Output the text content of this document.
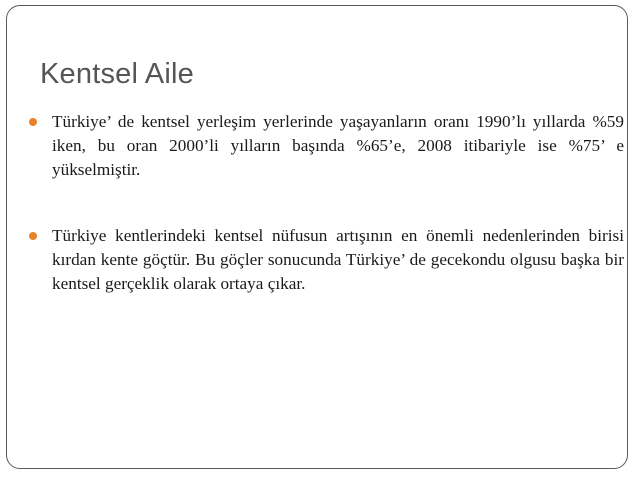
Kentsel Aile

Türkiye’ de kentsel yerleşim yerlerinde yaşayanların oranı 1990’lı yıllarda %59 iken, bu oran 2000’li yılların başında %65’e, 2008 itibariyle ise %75’ e yükselmiştir.

Türkiye kentlerindeki kentsel nüfusun artışının en önemli nedenlerinden birisi kırdan kente göçtür. Bu göçler sonucunda Türkiye’ de gecekondu olgusu başka bir kentsel gerçeklik olarak ortaya çıkar.
